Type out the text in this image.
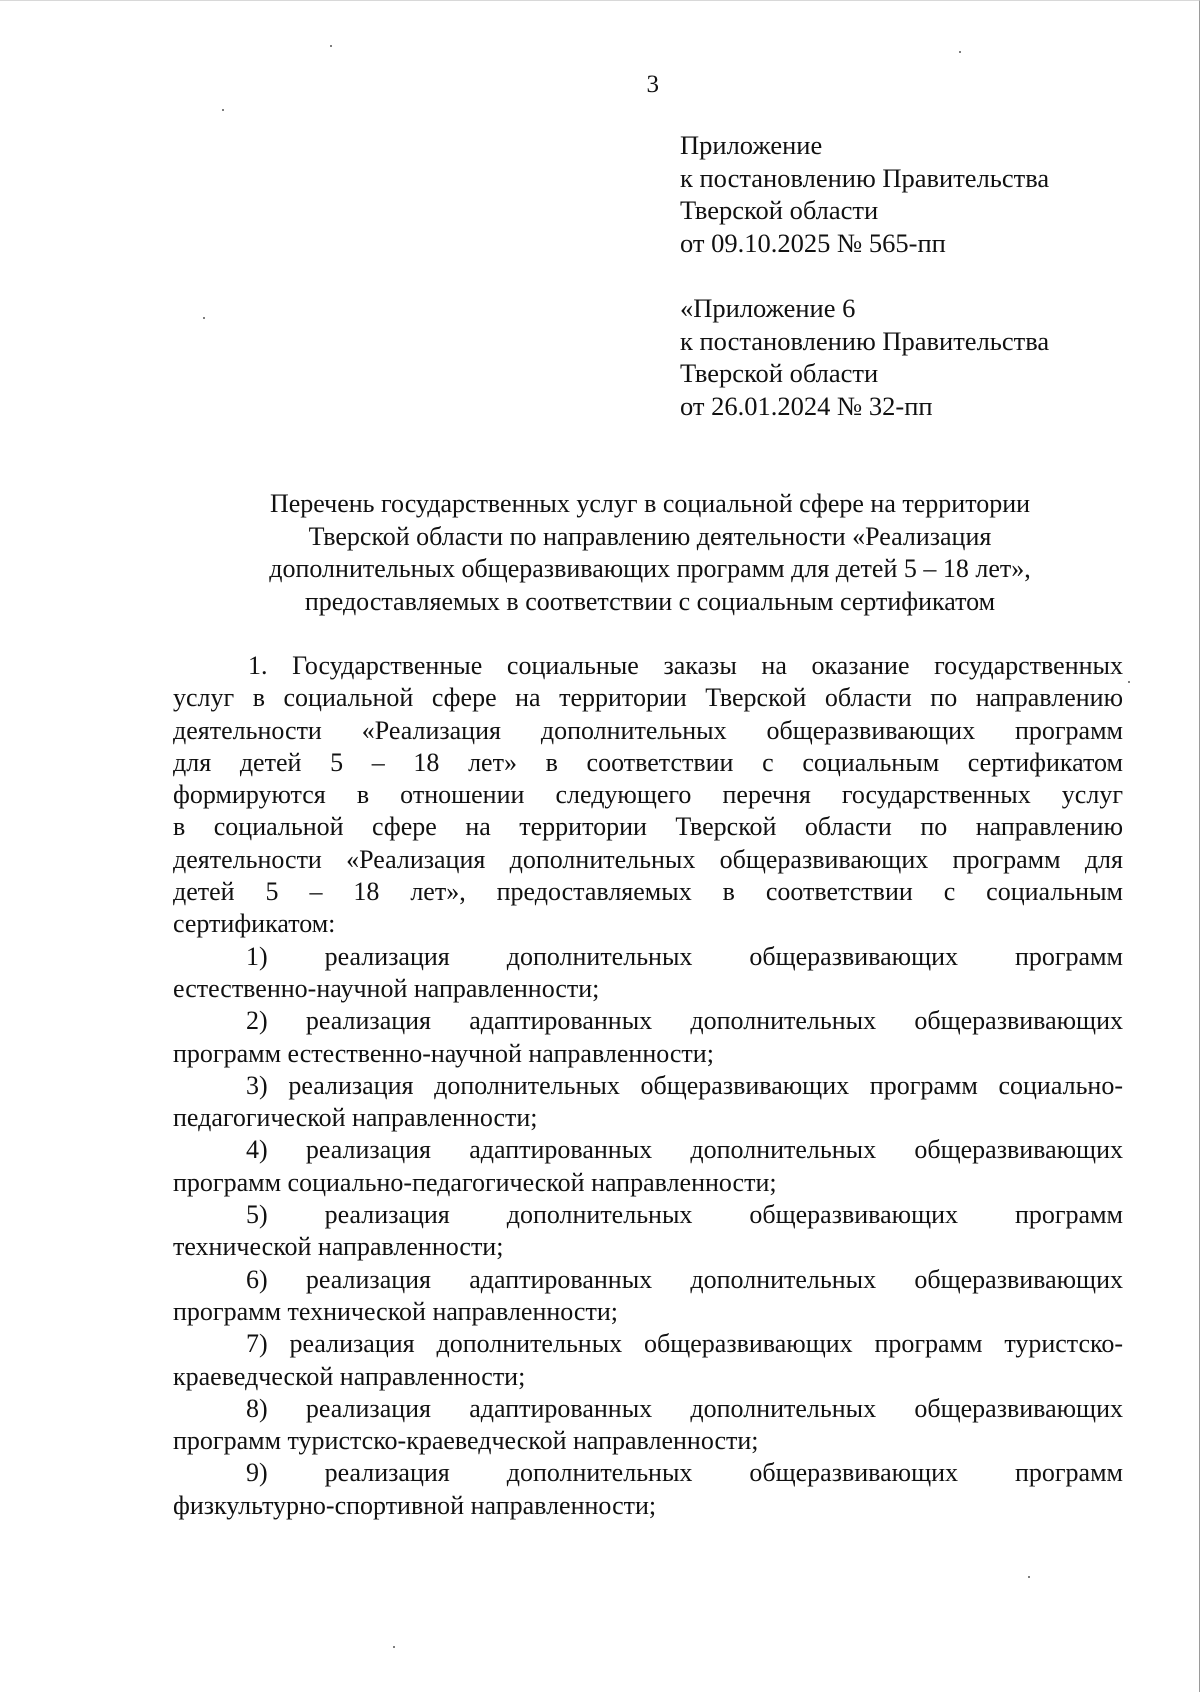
3
Приложение
к постановлению Правительства
Тверской области
от 09.10.2025 № 565-пп
«Приложение 6
к постановлению Правительства
Тверской области
от 26.01.2024 № 32-пп
Перечень государственных услуг в социальной сфере на территории
Тверской области по направлению деятельности «Реализация
дополнительных общеразвивающих программ для детей 5 – 18 лет»,
предоставляемых в соответствии с социальным сертификатом
1. Государственные социальные заказы на оказание государственных
услуг в социальной сфере на территории Тверской области по направлению
деятельности «Реализация дополнительных общеразвивающих программ
для детей 5 – 18 лет» в соответствии с социальным сертификатом
формируются в отношении следующего перечня государственных услуг
в социальной сфере на территории Тверской области по направлению
деятельности «Реализация дополнительных общеразвивающих программ для
детей 5 – 18 лет», предоставляемых в соответствии с социальным
сертификатом:
1) реализация дополнительных общеразвивающих программ
естественно-научной направленности;
2) реализация адаптированных дополнительных общеразвивающих
программ естественно-научной направленности;
3) реализация дополнительных общеразвивающих программ социально-
педагогической направленности;
4) реализация адаптированных дополнительных общеразвивающих
программ социально-педагогической направленности;
5) реализация дополнительных общеразвивающих программ
технической направленности;
6) реализация адаптированных дополнительных общеразвивающих
программ технической направленности;
7) реализация дополнительных общеразвивающих программ туристско-
краеведческой направленности;
8) реализация адаптированных дополнительных общеразвивающих
программ туристско-краеведческой направленности;
9) реализация дополнительных общеразвивающих программ
физкультурно-спортивной направленности;
